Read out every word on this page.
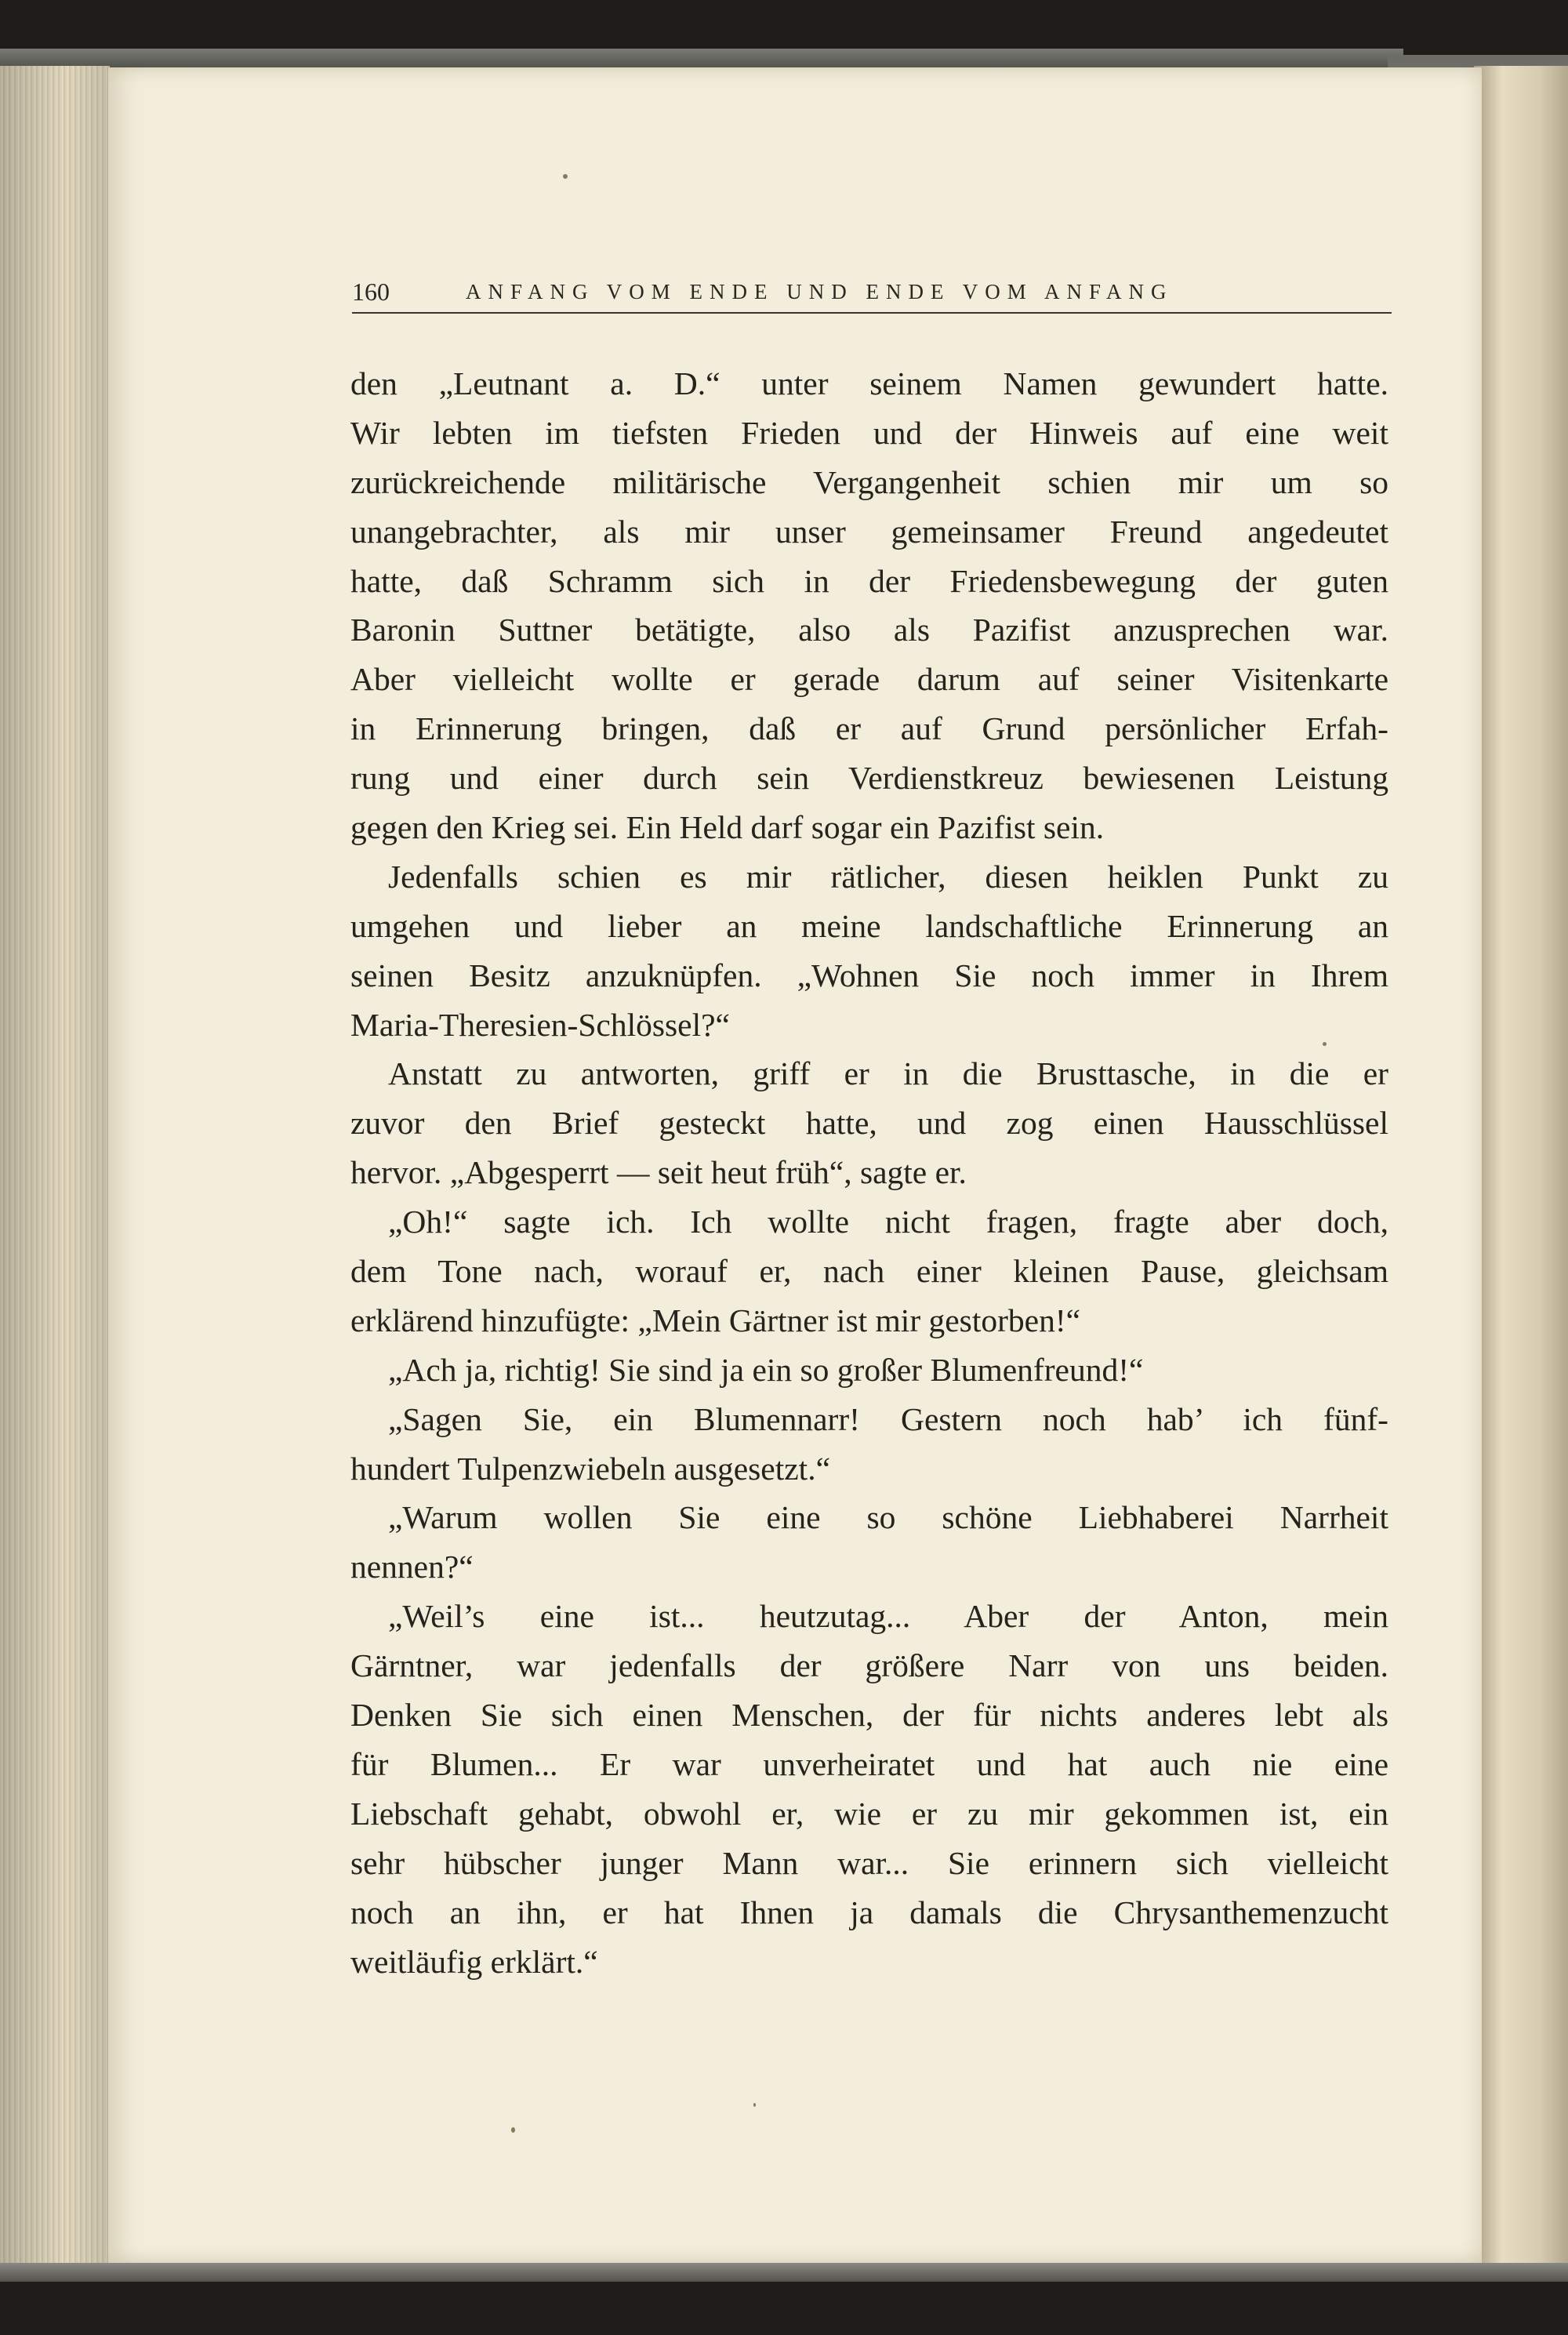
160	ANFANG VOM ENDE UND ENDE VOM ANFANG
den „Leutnant a. D.“ unter seinem Namen gewundert hatte.
Wir lebten im tiefsten Frieden und der Hinweis auf eine weit
zurückreichende militärische Vergangenheit schien mir um so
unangebrachter, als mir unser gemeinsamer Freund angedeutet
hatte, daß Schramm sich in der Friedensbewegung der guten
Baronin Suttner betätigte, also als Pazifist anzusprechen war.
Aber vielleicht wollte er gerade darum auf seiner Visitenkarte
in Erinnerung bringen, daß er auf Grund persönlicher Erfah-
rung und einer durch sein Verdienstkreuz bewiesenen Leistung
gegen den Krieg sei. Ein Held darf sogar ein Pazifist sein.
Jedenfalls schien es mir rätlicher, diesen heiklen Punkt zu
umgehen und lieber an meine landschaftliche Erinnerung an
seinen Besitz anzuknüpfen. „Wohnen Sie noch immer in Ihrem
Maria-Theresien-Schlössel?“
Anstatt zu antworten, griff er in die Brusttasche, in die er
zuvor den Brief gesteckt hatte, und zog einen Hausschlüssel
hervor. „Abgesperrt — seit heut früh“, sagte er.
„Oh!“ sagte ich. Ich wollte nicht fragen, fragte aber doch,
dem Tone nach, worauf er, nach einer kleinen Pause, gleichsam
erklärend hinzufügte: „Mein Gärtner ist mir gestorben!“
„Ach ja, richtig! Sie sind ja ein so großer Blumenfreund!“
„Sagen Sie, ein Blumennarr! Gestern noch hab’ ich fünf-
hundert Tulpenzwiebeln ausgesetzt.“
„Warum wollen Sie eine so schöne Liebhaberei Narrheit
nennen?“
„Weil’s eine ist... heutzutag... Aber der Anton, mein
Gärntner, war jedenfalls der größere Narr von uns beiden.
Denken Sie sich einen Menschen, der für nichts anderes lebt als
für Blumen... Er war unverheiratet und hat auch nie eine
Liebschaft gehabt, obwohl er, wie er zu mir gekommen ist, ein
sehr hübscher junger Mann war... Sie erinnern sich vielleicht
noch an ihn, er hat Ihnen ja damals die Chrysanthemenzucht
weitläufig erklärt.“
